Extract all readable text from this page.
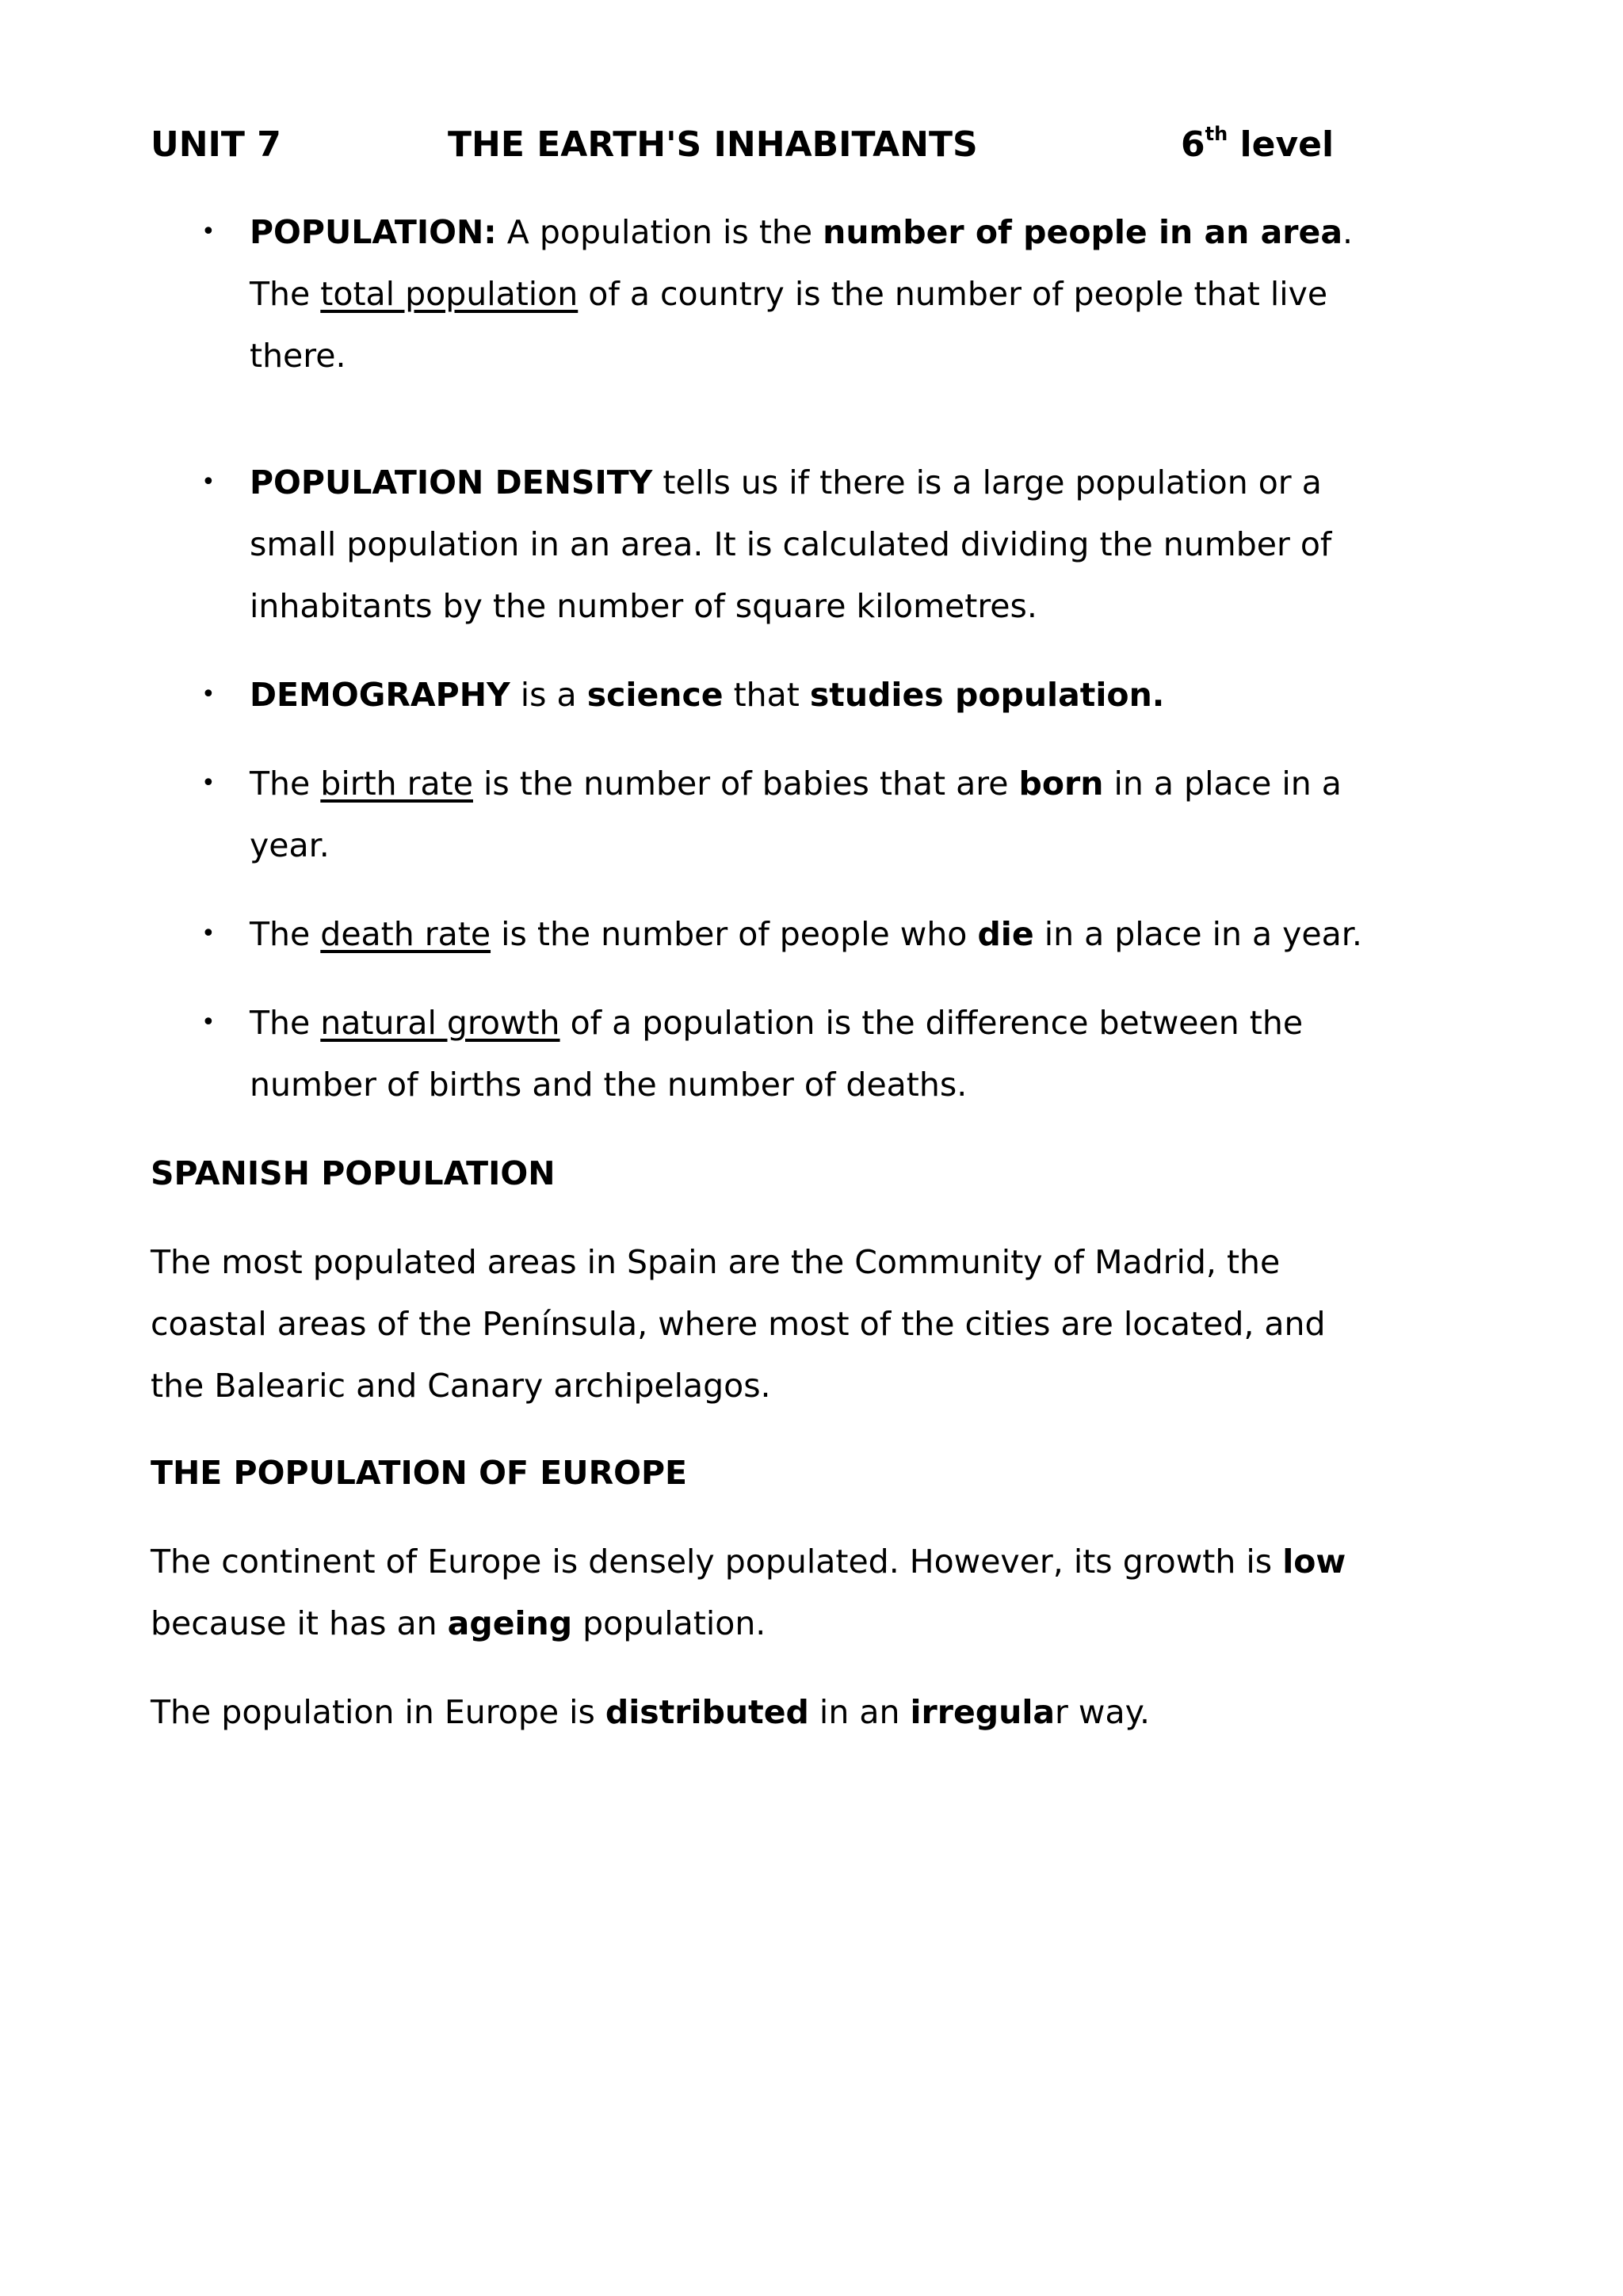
UNIT 7	THE EARTH'S INHABITANTS	6th level
• POPULATION: A population is the number of people in an area.
The total population of a country is the number of people that live
there.
• POPULATION DENSITY tells us if there is a large population or a
small population in an area. It is calculated dividing the number of
inhabitants by the number of square kilometres.
• DEMOGRAPHY is a science that studies population.
• The birth rate is the number of babies that are born in a place in a
year.
• The death rate is the number of people who die in a place in a year.
• The natural growth of a population is the difference between the
number of births and the number of deaths.
SPANISH POPULATION
The most populated areas in Spain are the Community of Madrid, the
coastal areas of the Península, where most of the cities are located, and
the Balearic and Canary archipelagos.
THE POPULATION OF EUROPE
The continent of Europe is densely populated. However, its growth is low
because it has an ageing population.
The population in Europe is distributed in an irregular way.
